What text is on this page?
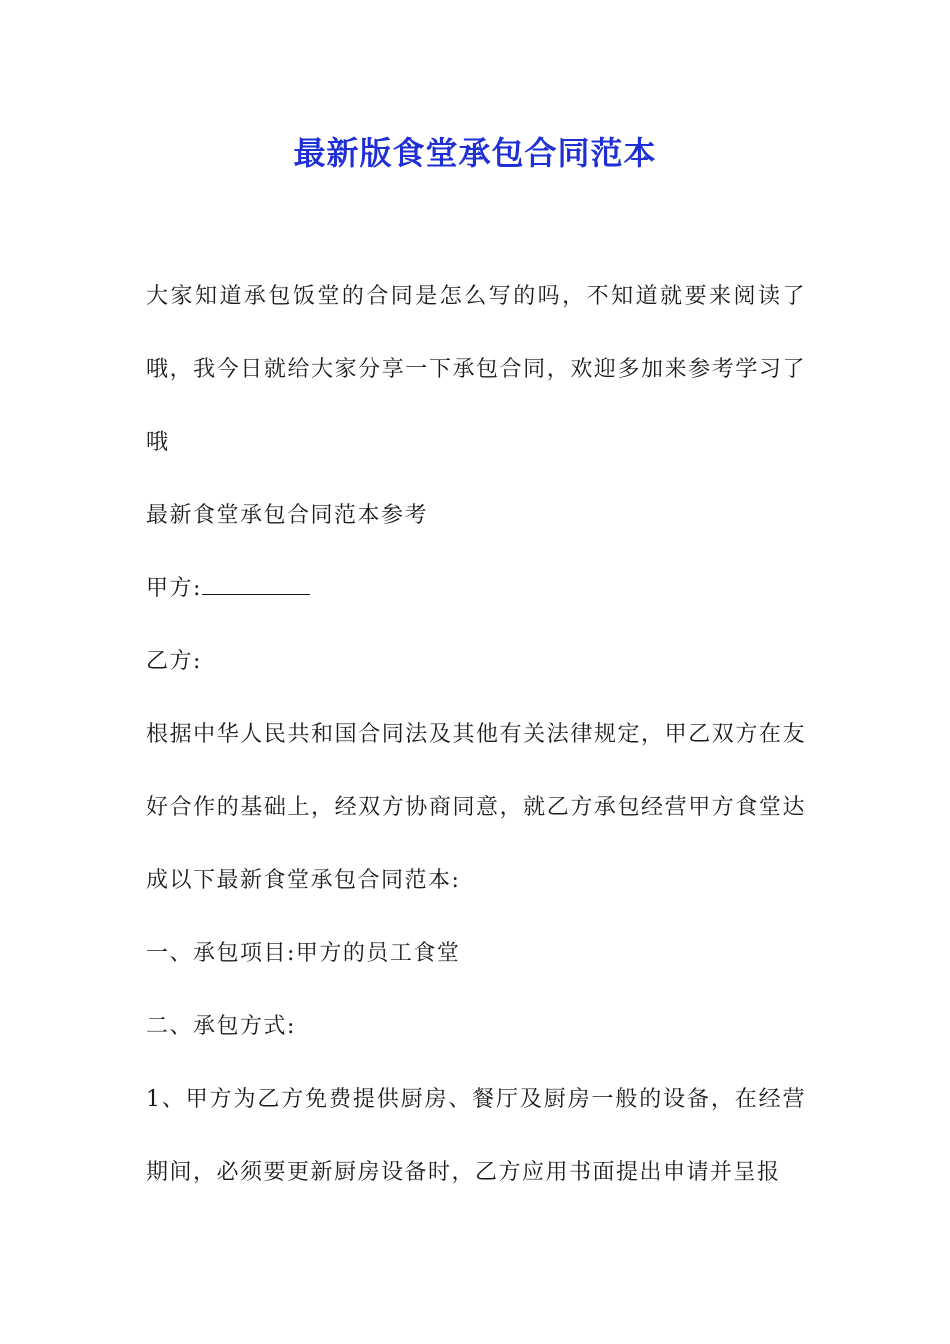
最新版食堂承包合同范本

大家知道承包饭堂的合同是怎么写的吗，不知道就要来阅读了哦，我今日就给大家分享一下承包合同，欢迎多加来参考学习了哦

最新食堂承包合同范本参考

甲方:

乙方:

根据中华人民共和国合同法及其他有关法律规定，甲乙双方在友好合作的基础上，经双方协商同意，就乙方承包经营甲方食堂达成以下最新食堂承包合同范本:

一、承包项目:甲方的员工食堂

二、承包方式:

1、甲方为乙方免费提供厨房、餐厅及厨房一般的设备，在经营期间，必须要更新厨房设备时，乙方应用书面提出申请并呈报
